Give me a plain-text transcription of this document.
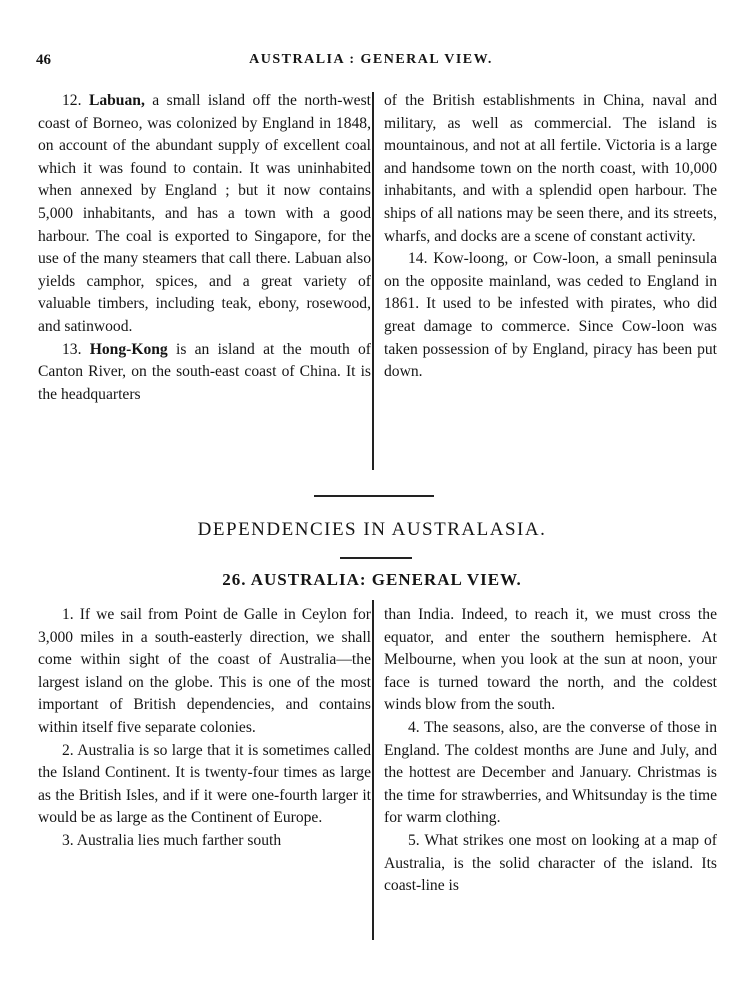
46	AUSTRALIA : GENERAL VIEW.

12. Labuan, a small island off the north-west coast of Borneo, was colonized by England in 1848, on account of the abundant supply of excellent coal which it was found to contain. It was uninhabited when annexed by England ; but it now contains 5,000 inhabitants, and has a town with a good harbour. The coal is exported to Singapore, for the use of the many steamers that call there. Labuan also yields camphor, spices, and a great variety of valuable timbers, including teak, ebony, rosewood, and satinwood.

13. Hong-Kong is an island at the mouth of Canton River, on the south-east coast of China. It is the headquarters

of the British establishments in China, naval and military, as well as commercial. The island is mountainous, and not at all fertile. Victoria is a large and handsome town on the north coast, with 10,000 inhabitants, and with a splendid open harbour. The ships of all nations may be seen there, and its streets, wharfs, and docks are a scene of constant activity.

14. Kow-loong, or Cow-loon, a small peninsula on the opposite mainland, was ceded to England in 1861. It used to be infested with pirates, who did great damage to commerce. Since Cow-loon was taken possession of by England, piracy has been put down.

DEPENDENCIES IN AUSTRALASIA.
26. AUSTRALIA: GENERAL VIEW.

1. If we sail from Point de Galle in Ceylon for 3,000 miles in a south-easterly direction, we shall come within sight of the coast of Australia—the largest island on the globe. This is one of the most important of British dependencies, and contains within itself five separate colonies.

2. Australia is so large that it is sometimes called the Island Continent. It is twenty-four times as large as the British Isles, and if it were one-fourth larger it would be as large as the Continent of Europe.

3. Australia lies much farther south

than India. Indeed, to reach it, we must cross the equator, and enter the southern hemisphere. At Melbourne, when you look at the sun at noon, your face is turned toward the north, and the coldest winds blow from the south.

4. The seasons, also, are the converse of those in England. The coldest months are June and July, and the hottest are December and January. Christmas is the time for strawberries, and Whitsunday is the time for warm clothing.

5. What strikes one most on looking at a map of Australia, is the solid character of the island. Its coast-line is
